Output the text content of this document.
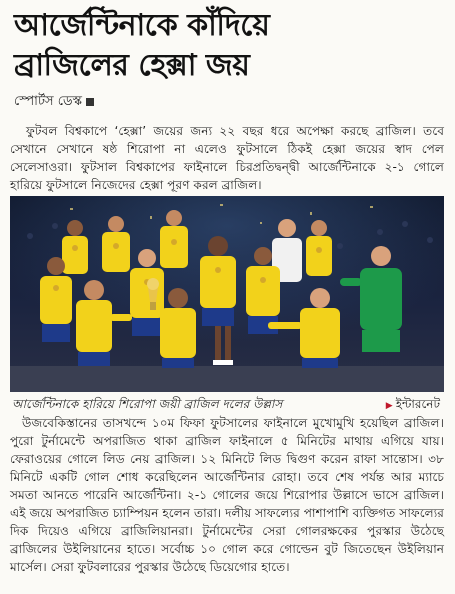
আর্জেন্টিনাকে কাঁদিয়ে
ব্রাজিলের হেক্সা জয়
স্পোর্টস ডেস্ক
ফুটবল বিশ্বকাপে ‘হেক্সা’ জয়ের জন্য ২২ বছর ধরে অপেক্ষা করছে ব্রাজিল। তবে সেখানে সেখানে ষষ্ঠ শিরোপা না এলেও ফুটসালে ঠিকই হেক্সা জয়ের স্বাদ পেল সেলেসাওরা। ফুটসাল বিশ্বকাপের ফাইনালে চিরপ্রতিদ্বন্দ্বী আর্জেন্টিনাকে ২-১ গোলে হারিয়ে ফুটসালে নিজেদের হেক্সা পূরণ করল ব্রাজিল।
আর্জেন্টিনাকে হারিয়ে শিরোপা জয়ী ব্রাজিল দলের উল্লাস	▶ ইন্টারনেট
উজবেকিস্তানের তাসখন্দে ১০ম ফিফা ফুটসালের ফাইনালে মুখোমুখি হয়েছিল ব্রাজিল। পুরো টুর্নামেন্টে অপরাজিত থাকা ব্রাজিল ফাইনালে ৫ মিনিটের মাথায় এগিয়ে যায়। ফেরাওয়ের গোলে লিড নেয় ব্রাজিল। ১২ মিনিটে লিড দ্বিগুণ করেন রাফা সান্তোস। ৩৮ মিনিটে একটি গোল শোধ করেছিলেন আর্জেন্টিনার রোহা। তবে শেষ পর্যন্ত আর ম্যাচে সমতা আনতে পারেনি আর্জেন্টিনা। ২-১ গোলের জয়ে শিরোপার উল্লাসে ভাসে ব্রাজিল। এই জয়ে অপরাজিত চ্যাম্পিয়ন হলেন তারা। দলীয় সাফল্যের পাশাপাশি ব্যক্তিগত সাফল্যের দিক দিয়েও এগিয়ে ব্রাজিলিয়ানরা। টুর্নামেন্টের সেরা গোলরক্ষকের পুরস্কার উঠেছে ব্রাজিলের উইলিয়ানের হাতে। সর্বোচ্চ ১০ গোল করে গোল্ডেন বুট জিতেছেন উইলিয়ান মার্সেল। সেরা ফুটবলারের পুরস্কার উঠেছে ডিয়েগোর হাতে।
